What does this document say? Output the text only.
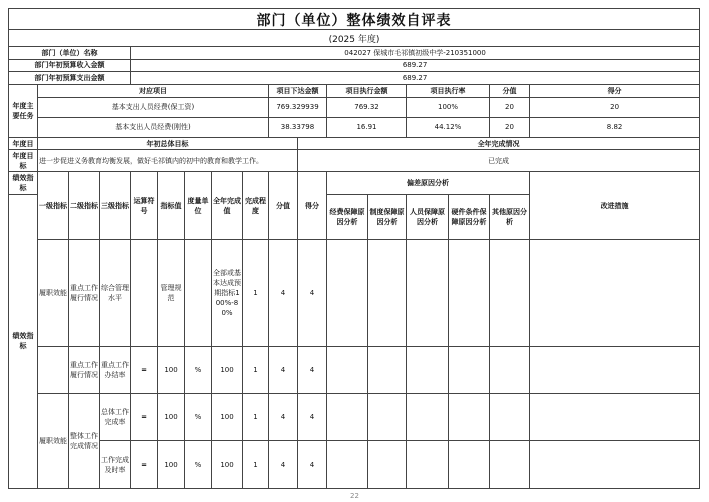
部门（单位）整体绩效自评表
(2025 年度)
部门（单位）名称				042027 保城市毛祁镇初级中学-210351000												
部门年初预算收入金额				689.27												
部门年初预算支出金额				689.27												
年度主要任务	对应项目								项目下达金额		项目执行金额		项目执行率		分值	得分
	基本支出人员经费(保工资)								769.329939		769.32		100%		20	20
	基本支出人员经费(刚性)								38.33798		16.91		44.12%		20	8.82
年度目	年初总体目标									全年完成情况						
年度目标	进一步促进义务教育均衡发展，做好毛祁镇内的初中的教育和教学工作。									已完成						
绩效指标	一级指标	二级指标	三级指标	运算符号	指标值	度量单位	全年完成值	完成程度	分值	得分	偏差原因分析					改进措施
绩效指标											经费保障原因分析	制度保障原因分析	人员保障原因分析	硬件条件保障原因分析	其他原因分析	
	履职效能	重点工作履行情况	综合管理水平		管理规范		全部或基本达成预期指标100%-80%	1	4	4						
		重点工作履行情况	重点工作办结率	=	100	%	100	1	4	4						
	履职效能	整体工作完成情况	总体工作完成率	=	100	%	100	1	4	4						
			工作完成及时率	=	100	%	100	1	4	4						
22
